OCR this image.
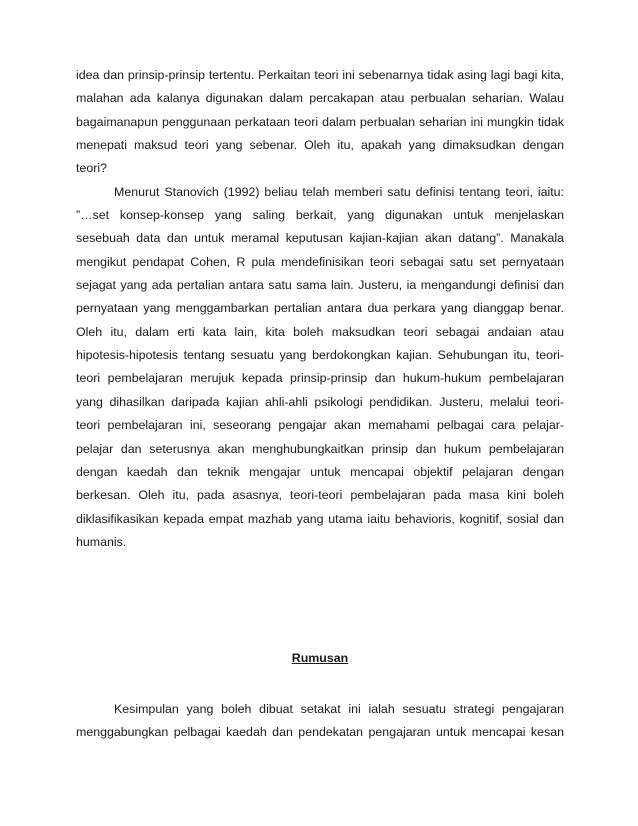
idea dan prinsip-prinsip tertentu. Perkaitan teori ini sebenarnya tidak asing lagi bagi kita,
malahan ada kalanya digunakan dalam percakapan atau perbualan seharian. Walau
bagaimanapun penggunaan perkataan teori dalam perbualan seharian ini mungkin tidak
menepati maksud teori yang sebenar. Oleh itu, apakah yang dimaksudkan dengan
teori?
Menurut Stanovich (1992) beliau telah memberi satu definisi tentang teori, iaitu:
”…set konsep-konsep yang saling berkait, yang digunakan untuk menjelaskan
sesebuah data dan untuk meramal keputusan kajian-kajian akan datang”. Manakala
mengikut pendapat Cohen, R pula mendefinisikan teori sebagai satu set pernyataan
sejagat yang ada pertalian antara satu sama lain. Justeru, ia mengandungi definisi dan
pernyataan yang menggambarkan pertalian antara dua perkara yang dianggap benar.
Oleh itu, dalam erti kata lain, kita boleh maksudkan teori sebagai andaian atau
hipotesis-hipotesis tentang sesuatu yang berdokongkan kajian. Sehubungan itu, teori-
teori pembelajaran merujuk kepada prinsip-prinsip dan hukum-hukum pembelajaran
yang dihasilkan daripada kajian ahli-ahli psikologi pendidikan. Justeru, melalui teori-
teori pembelajaran ini, seseorang pengajar akan memahami pelbagai cara pelajar-
pelajar dan seterusnya akan menghubungkaitkan prinsip dan hukum pembelajaran
dengan kaedah dan teknik mengajar untuk mencapai objektif pelajaran dengan
berkesan. Oleh itu, pada asasnya, teori-teori pembelajaran pada masa kini boleh
diklasifikasikan kepada empat mazhab yang utama iaitu behavioris, kognitif, sosial dan
humanis.
Rumusan
Kesimpulan yang boleh dibuat setakat ini ialah sesuatu strategi pengajaran
menggabungkan pelbagai kaedah dan pendekatan pengajaran untuk mencapai kesan
